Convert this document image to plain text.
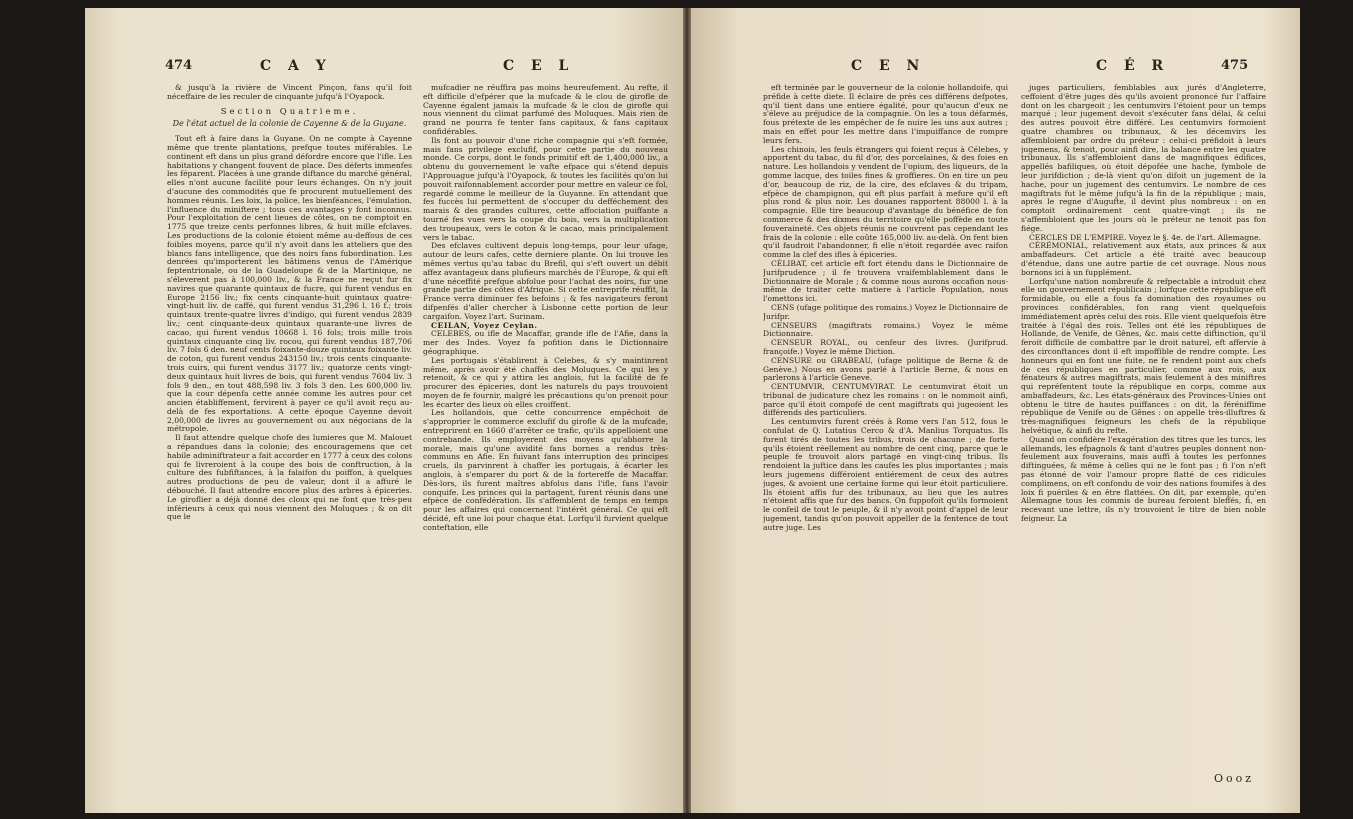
474	C A Y	C E L

& jusqu'à la rivière de Vincent Pinçon, fans qu'il foit néceffaire de les reculer de cinquante jufqu'à l'Oyapock.

Section Quatrieme.

De l'état actuel de la colonie de Cayenne & de la Guyane.

Tout eft à faire dans la Guyane. On ne compte à Cayenne même que trente plantations, prefque toutes miférables. Le continent eft dans un plus grand défordre encore que l'ifle. Les habitations y changent fouvent de place. Des déferts immenfes les féparent. Placées à une grande diftance du marché général, elles n'ont aucune facilité pour leurs échanges. On n'y jouit d'aucune des commodités que fe procurent mutuellement des hommes réunis. Les loix, la police, les bienféances, l'émulation, l'influence du miniftere ; tous ces avantages y font inconnus. Pour l'exploitation de cent lieues de côtes, on ne comptoit en 1775 que treize cents perfonnes libres, & huit mille efclaves. Les productions de la colonie étoient même au-deffous de ces foibles moyens, parce qu'il n'y avoit dans les atteliers que des blancs fans intelligence, que des noirs fans fubordination. Les denrées qu'importerent les bâtimens venus de l'Amérique feptentrionale, ou de la Guadeloupe & de la Martinique, ne s'éleverent pas à 100,000 liv., & la France ne reçut fur fix navires que quarante quintaux de fucre, qui furent vendus en Europe 2156 liv.; fix cents cinquante-huit quintaux quatre-vingt-huit liv. de caffé, qui furent vendus 31,296 l. 16 f.; trois quintaux trente-quatre livres d'indigo, qui furent vendus 2839 liv.; cent cinquante-deux quintaux quarante-une livres de cacao, qui furent vendus 10668 l. 16 fols; trois mille trois quintaux cinquante cinq liv. rocou, qui furent vendus 187,706 liv. 7 fols 6 den. neuf cents foixante-douze quintaux foixante liv. de coton, qui furent vendus 243150 liv.; trois cents cinquante-trois cuirs, qui furent vendus 3177 liv.; quatorze cents vingt-deux quintaux huit livres de bois, qui furent vendus 7604 liv. 3 fols 9 den., en tout 488,598 liv. 3 fols 3 den. Les 600,000 liv. que la cour dépenfa cette année comme les autres pour cet ancien établiffement, fervirent à payer ce qu'il avoit reçu au-delà de fes exportations. A cette époque Cayenne devoit 2,00,000 de livres au gouvernement ou aux négocians de la métropole.

Il faut attendre quelque chofe des lumieres que M. Malouet a répandues dans la colonie; des encouragemens que cet habile adminiftrateur a fait accorder en 1777 à ceux des colons qui fe livreroient à la coupe des bois de conftruction, à la culture des fubfiftances, à la falaifon du poiffon, à quelques autres productions de peu de valeur, dont il a affuré le débouché. Il faut attendre encore plus des arbres à épiceries. Le giroflier a déjà donné des cloux qui ne font que très-peu inférieurs à ceux qui nous viennent des Moluques ; & on dit que le

mufcadier ne réuffira pas moins heureufement. Au refte, il eft difficile d'efpérer que la mufcade & le clou de girofle de Cayenne égalent jamais la mufcade & le clou de girofle qui nous viennent du climat parfumé des Moluques. Mais rien de grand ne pourra fe tenter fans capitaux, & fans capitaux confidérables.

Ils font au pouvoir d'une riche compagnie qui s'eft formée, mais fans privilege exclufif, pour cette partie du nouveau monde. Ce corps, dont le fonds primitif eft de 1,400,000 liv., a obtenu du gouvernement le vafte efpace qui s'étend depuis l'Approuague jufqu'à l'Oyapock, & toutes les facilités qu'on lui pouvoit raifonnablement accorder pour mettre en valeur ce fol, regardé comme le meilleur de la Guyanne. En attendant que fes fuccès lui permettent de s'occuper du defféchement des marais & des grandes cultures, cette affociation puiffante a tourné fes vues vers la coupe du bois, vers la multiplication des troupeaux, vers le coton & le cacao, mais principalement vers le tabac.

Des efclaves cultivent depuis long-temps, pour leur ufage, autour de leurs cafes, cette derniere plante. On lui trouve les mêmes vertus qu'au tabac du Brefil, qui s'eft ouvert un débit affez avantageux dans plufieurs marchés de l'Europe, & qui eft d'une néceffité prefque abfolue pour l'achat des noirs, fur une grande partie des côtes d'Afrique. Si cette entreprife réuffit, la France verra diminuer fes befoins ; & fes navigateurs feront difpenfés d'aller chercher à Lisbonne cette portion de leur cargaifon. Voyez l'art. Surinam.

CEILAN, Voyez Ceylan.

CELEBES, ou ifle de Macaffar, grande ifle de l'Afie, dans la mer des Indes. Voyez fa pofition dans le Dictionnaire géographique.

Les portugais s'établirent à Celebes, & s'y maintinrent même, après avoir été chaffés des Moluques. Ce qui les y retenoit, & ce qui y attira les anglois, fut la facilité de fe procurer des épiceries, dont les naturels du pays trouvoient moyen de fe fournir, malgré les précautions qu'on prenoit pour les écarter des lieux où elles croiffent.

Les hollandois, que cette concurrence empêchoit de s'approprier le commerce exclufif du girofle & de la mufcade, entreprirent en 1660 d'arrêter ce trafic, qu'ils appelloient une contrebande. Ils employerent des moyens qu'abhorre la morale, mais qu'une avidité fans bornes a rendus très-communs en Afie. En fuivant fans interruption des principes cruels, ils parvinrent à chaffer les portugais, à écarter les anglois, à s'emparer du port & de la fortereffe de Macaffar. Dès-lors, ils furent maîtres abfolus dans l'ifle, fans l'avoir conquife. Les princes qui la partagent, furent réunis dans une efpèce de confédération. Ils s'affemblent de temps en temps pour les affaires qui concernent l'intérêt général. Ce qui eft décidé, eft une loi pour chaque état. Lorfqu'il furvient quelque conteftation, elle

C E N	C É R	475

eft terminée par le gouverneur de la colonie hollandoife, qui préfide à cette diete. Il éclaire de près ces différens defpotes, qu'il tient dans une entiere égalité, pour qu'aucun d'eux ne s'éleve au préjudice de la compagnie. On les a tous défarmés, fous prétexte de les empêcher de fe nuire les uns aux autres ; mais en effet pour les mettre dans l'impuiffance de rompre leurs fers.

Les chinois, les feuls étrangers qui foient reçus à Célebes, y apportent du tabac, du fil d'or, des porcelaines, & des foies en nature. Les hollandois y vendent de l'opium, des liqueurs, de la gomme lacque, des toiles fines & groffieres. On en tire un peu d'or, beaucoup de riz, de la cire, des efclaves & du tripam, efpèce de champignon, qui eft plus parfait à mefure qu'il eft plus rond & plus noir. Les douanes rapportent 88000 l. à la compagnie. Elle tire beaucoup d'avantage du bénéfice de fon commerce & des dixmes du territoire qu'elle poffède en toute fouveraineté. Ces objets réunis ne couvrent pas cependant les frais de la colonie : elle coûte 165,000 liv. au-delà. On fent bien qu'il faudroit l'abandonner, fi elle n'étoit regardée avec raifon comme la clef des ifles à épiceries.

CÉLIBAT, cet article eft fort étendu dans le Dictionnaire de Jurifprudence ; il fe trouvera vraifemblablement dans le Dictionnaire de Morale ; & comme nous aurons occafion nous-même de traiter cette matiere à l'article Population, nous l'omettons ici.

CENS (ufage politique des romains.) Voyez le Dictionnaire de Jurifpr.

CENSEURS (magiftrats romains.) Voyez le même Dictionnaire.

CENSEUR ROYAL, ou cenfeur des livres. (Jurifprud. françoife.) Voyez le même Diction.

CENSURE ou GRABEAU, (ufage politique de Berne & de Genève.) Nous en avons parlé à l'article Berne, & nous en parlerons à l'article Geneve.

CENTUMVIR, CENTUMVIRAT. Le centumvirat étoit un tribunal de judicature chez les romains : on le nommoit ainfi, parce qu'il étoit compofé de cent magiftrats qui jugeoient les différends des particuliers.

Les centumvirs furent créés à Rome vers l'an 512, fous le confulat de Q. Lutatius Cerco & d'A. Manlius Torquatus. Ils furent tirés de toutes les tribus, trois de chacune ; de forte qu'ils étoient réellement au nombre de cent cinq, parce que le peuple fe trouvoit alors partagé en vingt-cinq tribus. Ils rendoient la juftice dans les caufes les plus importantes ; mais leurs jugemens différoient entiérement de ceux des autres juges, & avoient une certaine forme qui leur étoit particuliere. Ils étoient affis fur des tribunaux, au lieu que les autres n'étoient affis que fur des bancs. On fuppofoit qu'ils formoient le confeil de tout le peuple, & il n'y avoit point d'appel de leur jugement, tandis qu'on pouvoit appeller de la fentence de tout autre juge. Les

juges particuliers, femblables aux jurés d'Angleterre, ceffoient d'être juges dès qu'ils avoient prononcé fur l'affaire dont on les chargeoit ; les centumvirs l'étoient pour un temps marqué ; leur jugement devoit s'exécuter fans délai, & celui des autres pouvoit être différé. Les centumvirs formoient quatre chambres ou tribunaux, & les décemvirs les affembloient par ordre du préteur : celui-ci préfidoit à leurs jugemens, & tenoit, pour ainfi dire, la balance entre les quatre tribunaux. Ils s'affembloient dans de magnifiques édifices, appellés bafiliques, où étoit dépofée une hache, fymbole de leur jurifdiction ; de-là vient qu'on difoit un jugement de la hache, pour un jugement des centumvirs. Le nombre de ces magiftrats fut le même jufqu'à la fin de la république ; mais, après le regne d'Augufte, il devint plus nombreux : on en comptoit ordinairement cent quatre-vingt ; ils ne s'affembloient que les jours où le préteur ne tenoit pas fon fiége.

CERCLES DE L'EMPIRE. Voyez le §. 4e. de l'art. Allemagne.

CÉRÉMONIAL, relativement aux états, aux princes & aux ambaffadeurs. Cet article a été traité avec beaucoup d'étendue, dans une autre partie de cet ouvrage. Nous nous bornons ici à un fupplément.

Lorfqu'une nation nombreufe & refpectable a introduit chez elle un gouvernement républicain ; lorfque cette république eft formidable, ou elle a fous fa domination des royaumes ou provinces confidérables, fon rang vient quelquefois immédiatement après celui des rois. Elle vient quelquefois être traitée à l'égal des rois. Telles ont été les républiques de Hollande, de Venife, de Gênes, &c. mais cette diftinction, qu'il feroit difficile de combattre par le droit naturel, eft affervie à des circonftances dont il eft impoffible de rendre compte. Les honneurs qui en font une fuite, ne fe rendent point aux chefs de ces républiques en particulier, comme aux rois, aux fénateurs & autres magiftrats, mais feulement à des miniftres qui repréfentent toute la république en corps, comme aux ambaffadeurs, &c. Les états-généraux des Provinces-Unies ont obtenu le titre de hautes puiffances : on dit, la féréniffime république de Venife ou de Gênes : on appelle très-illuftres & très-magnifiques feigneurs les chefs de la république helvétique, & ainfi du refte.

Quand on confidère l'exagération des titres que les turcs, les allemands, les efpagnols & tant d'autres peuples donnent non-feulement aux fouverains, mais auffi à toutes les perfonnes diftinguées, & même à celles qui ne le font pas ; fi l'on n'eft pas étonné de voir l'amour propre flatté de ces ridicules complimens, on eft confondu de voir des nations foumifes à des loix fi puériles & en être flattées. On dit, par exemple, qu'en Allemagne tous les commis de bureau feroient bleffés, fi, en recevant une lettre, ils n'y trouvoient le titre de bien noble feigneur. La

Oooz
